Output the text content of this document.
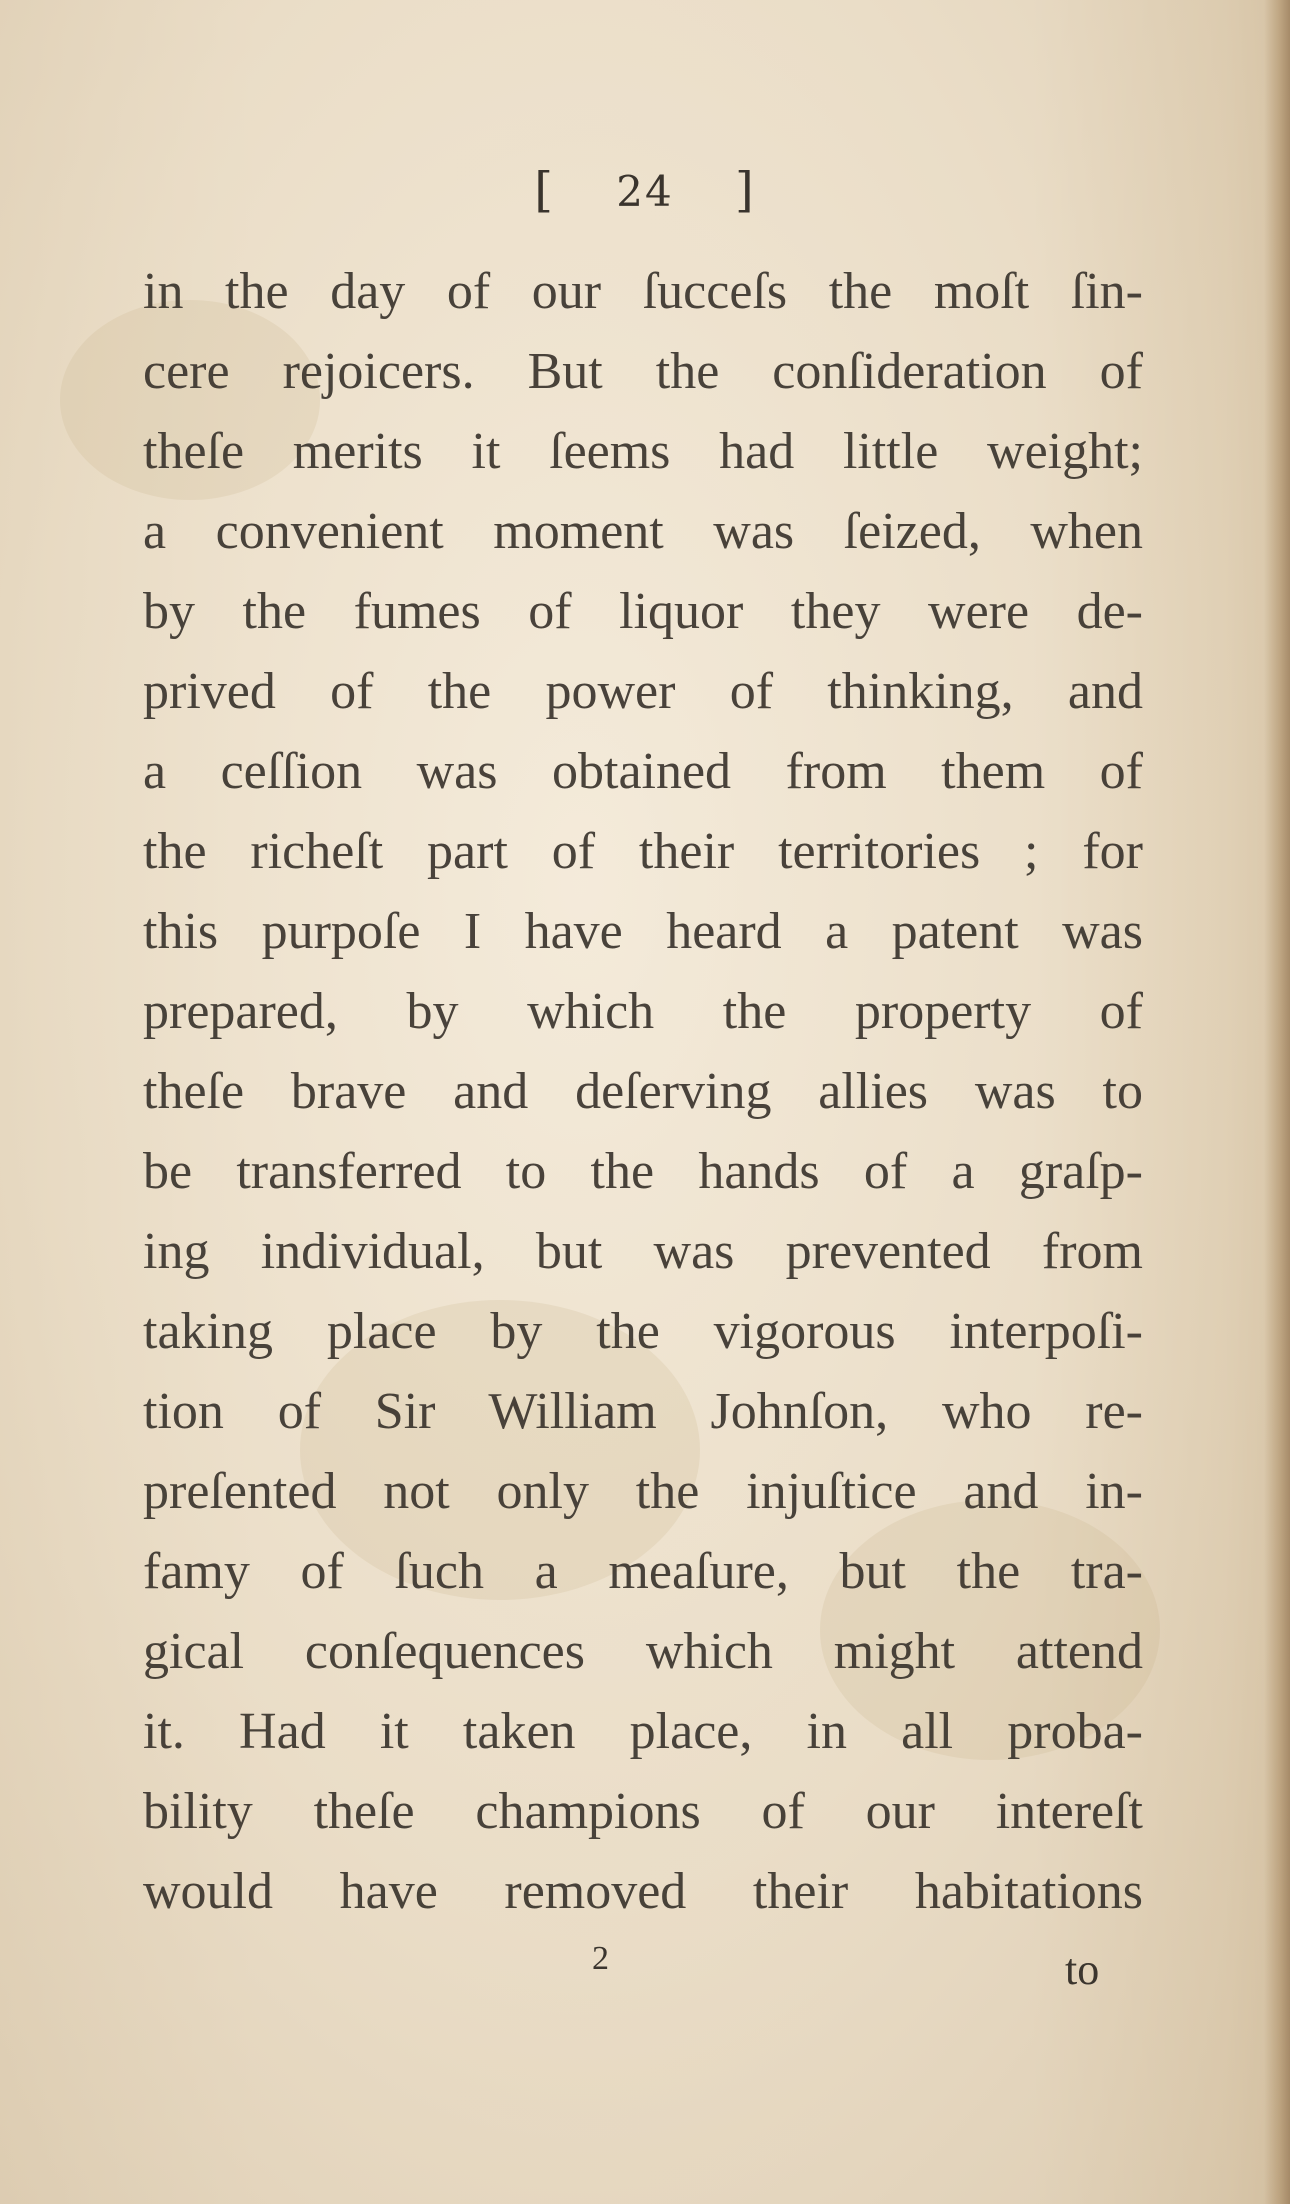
[ 24 ]
in the day of our ſucceſs the moſt ſin-
cere rejoicers. But the conſideration of
theſe merits it ſeems had little weight;
a convenient moment was ſeized, when
by the fumes of liquor they were de-
prived of the power of thinking, and
a ceſſion was obtained from them of
the richeſt part of their territories ; for
this purpoſe I have heard a patent was
prepared, by which the property of
theſe brave and deſerving allies was to
be transferred to the hands of a graſp-
ing individual, but was prevented from
taking place by the vigorous interpoſi-
tion of Sir William Johnſon, who re-
preſented not only the injuſtice and in-
famy of ſuch a meaſure, but the tra-
gical conſequences which might attend
it. Had it taken place, in all proba-
bility theſe champions of our intereſt
would have removed their habitations
2	to
